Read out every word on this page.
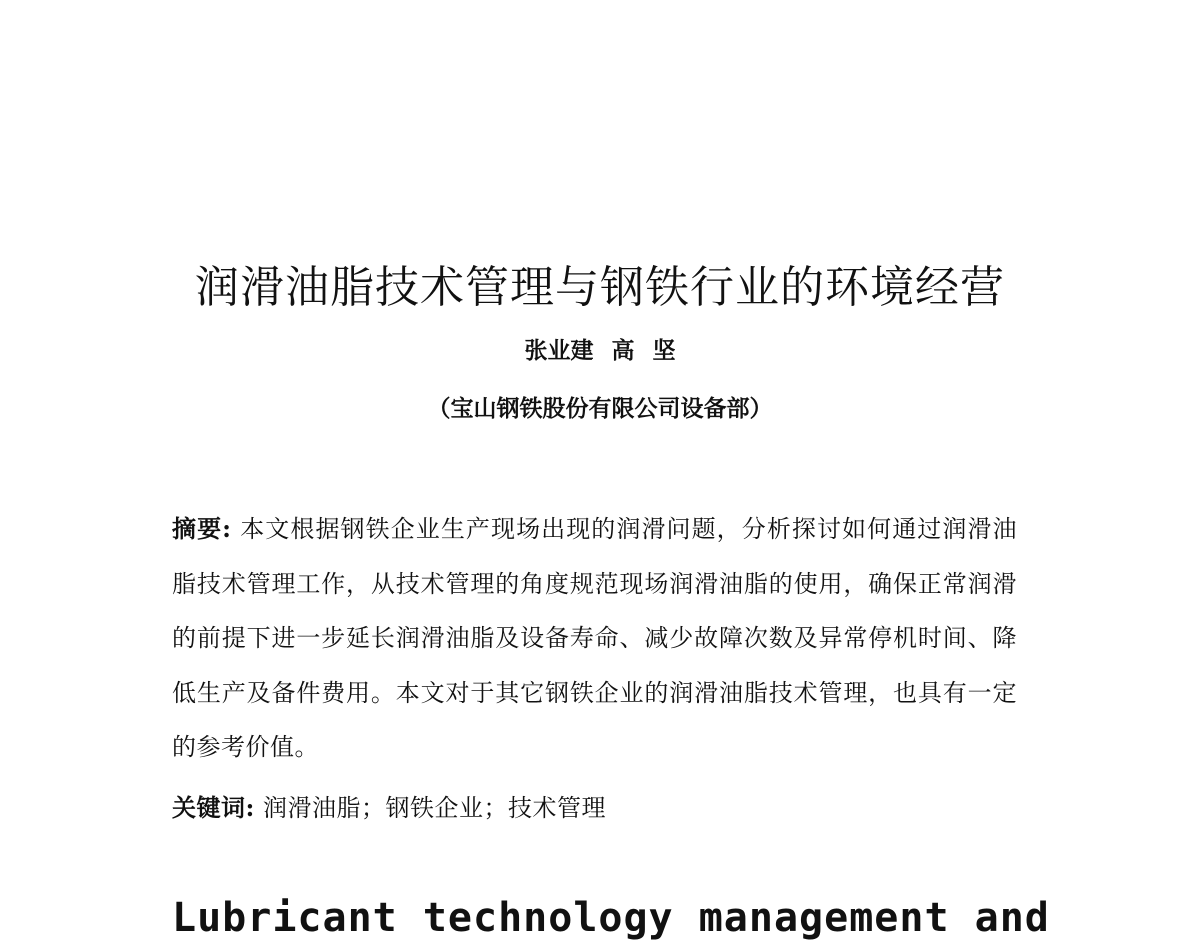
润滑油脂技术管理与钢铁行业的环境经营
张业建 高 坚
（宝山钢铁股份有限公司设备部）

摘要: 本文根据钢铁企业生产现场出现的润滑问题，分析探讨如何通过润滑油脂技术管理工作，从技术管理的角度规范现场润滑油脂的使用，确保正常润滑的前提下进一步延长润滑油脂及设备寿命、减少故障次数及异常停机时间、降低生产及备件费用。本文对于其它钢铁企业的润滑油脂技术管理，也具有一定的参考价值。

关键词: 润滑油脂；钢铁企业；技术管理

Lubricant technology management and
